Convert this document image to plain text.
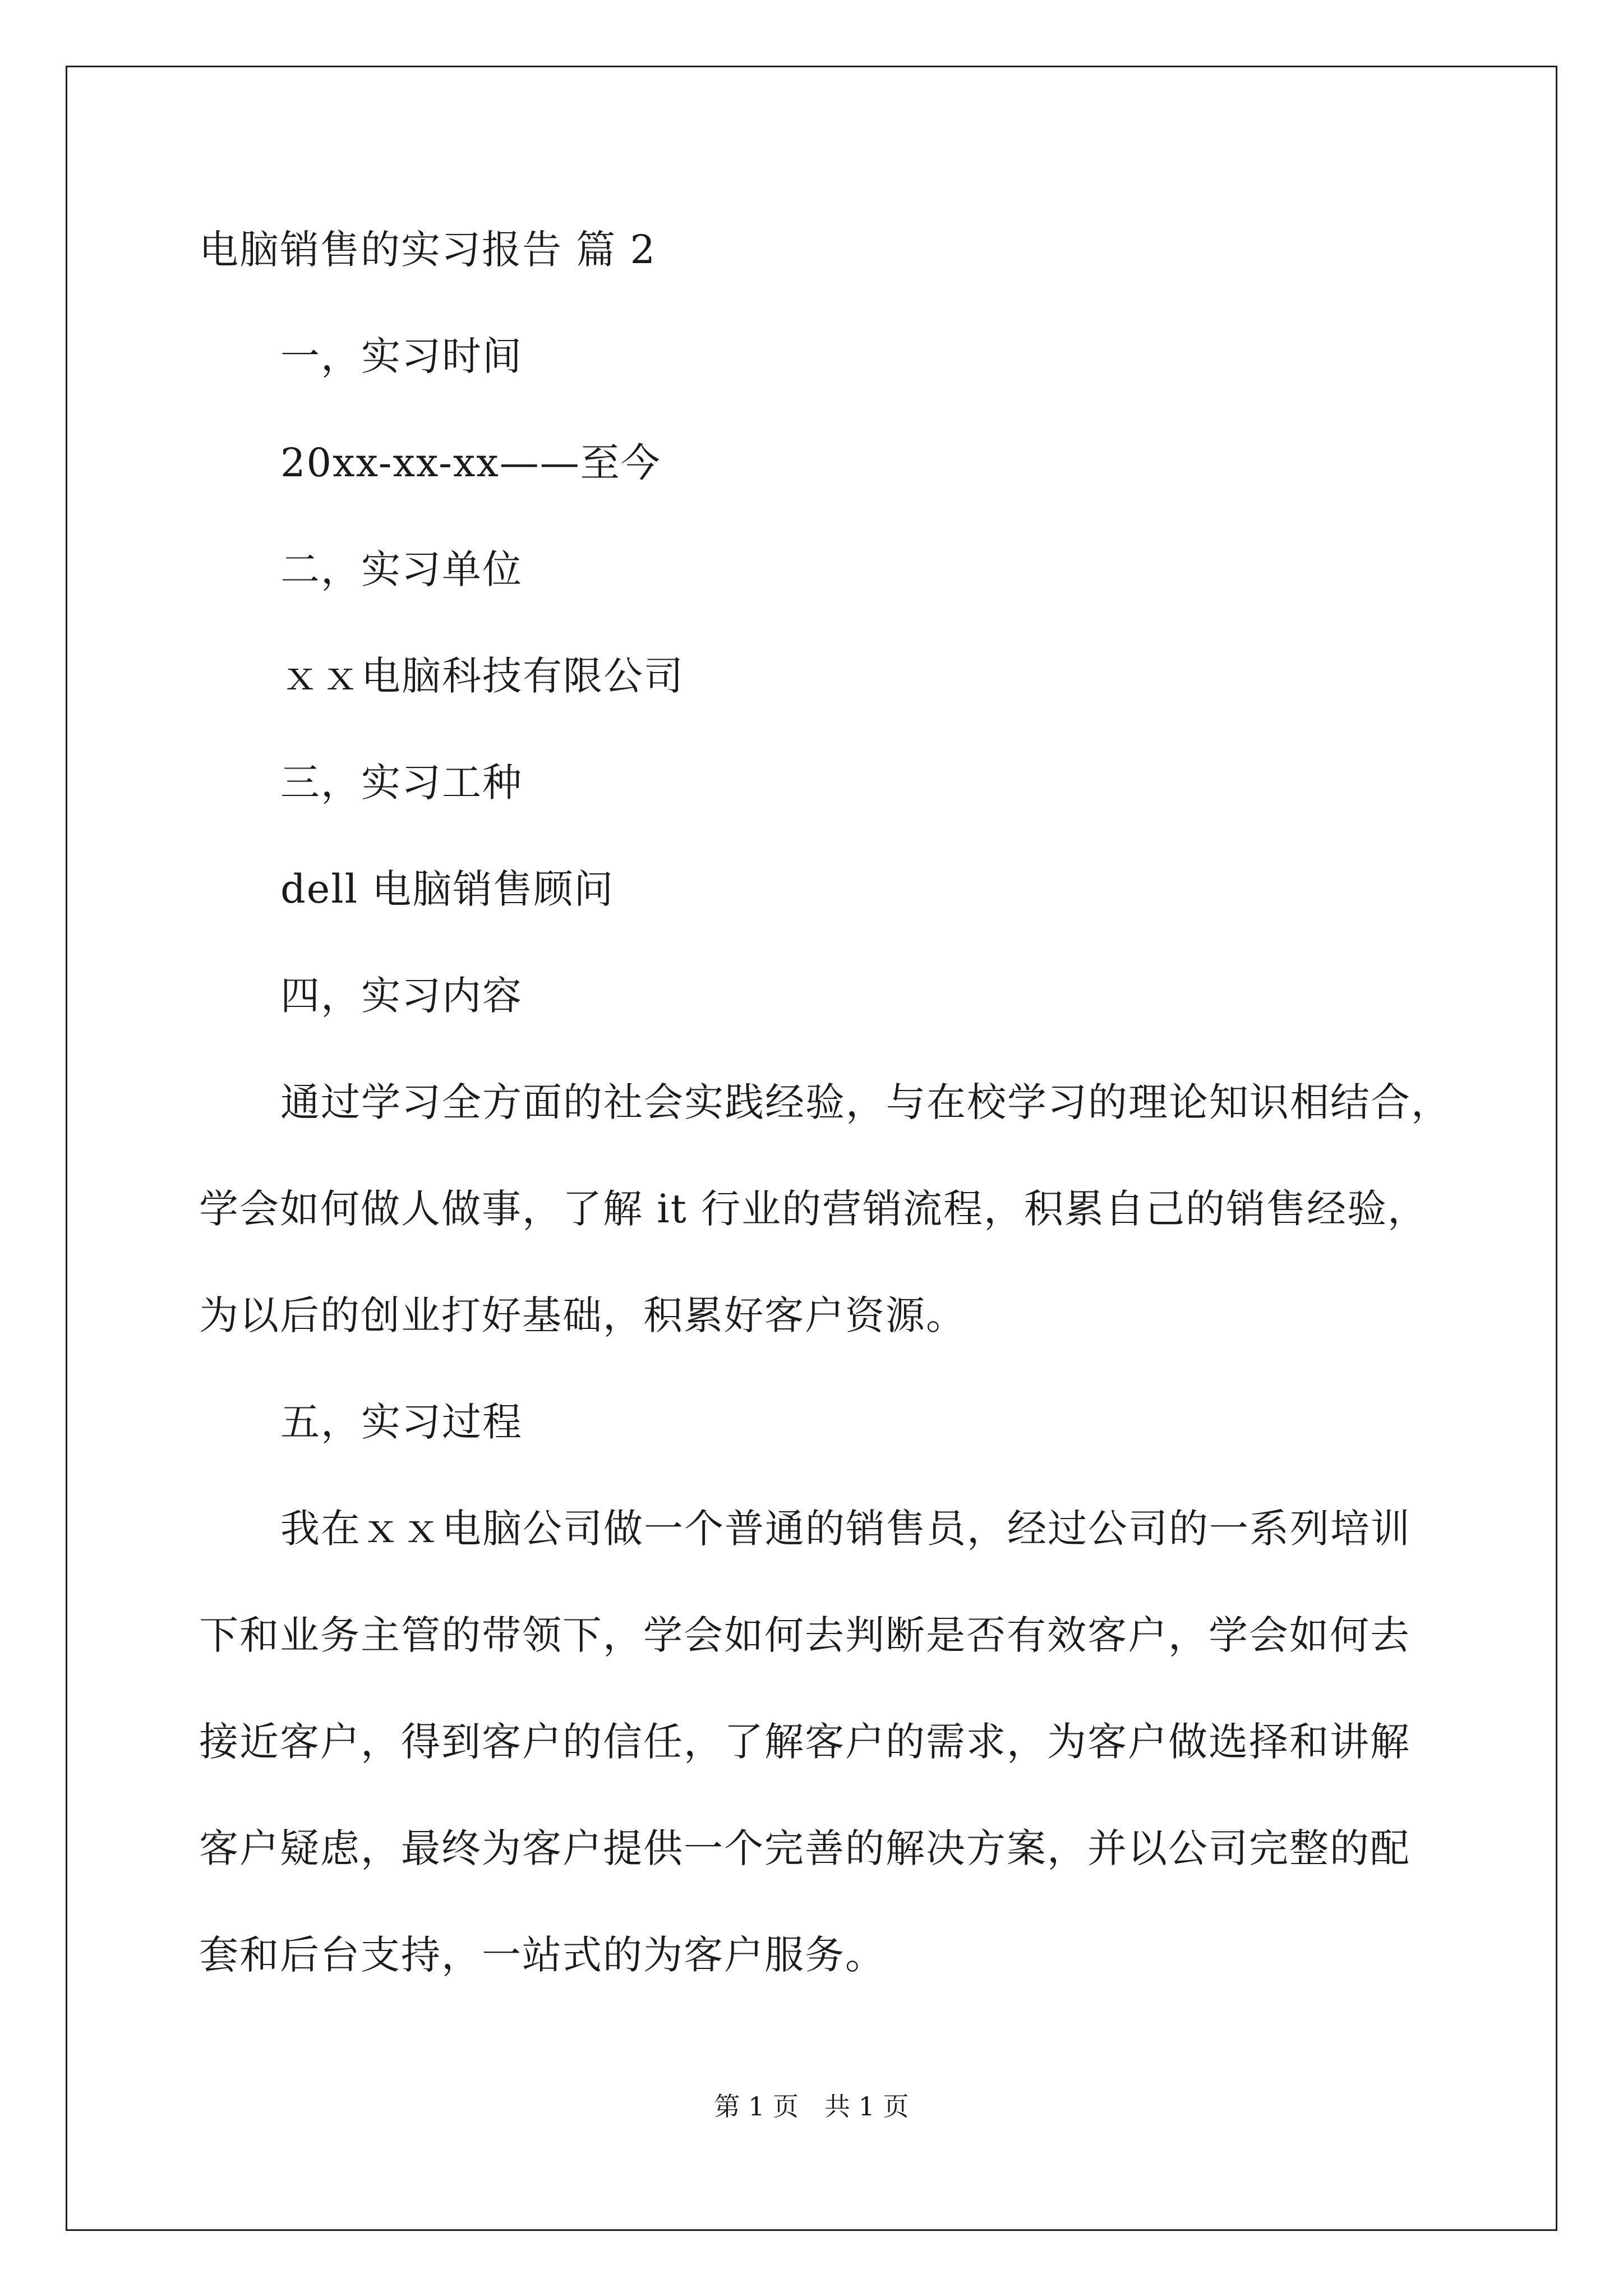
电脑销售的实习报告 篇 2
一，实习时间
20xx-xx-xx——至今
二，实习单位
ｘｘ电脑科技有限公司
三，实习工种
dell 电脑销售顾问
四，实习内容
通过学习全方面的社会实践经验，与在校学习的理论知识相结合，
学会如何做人做事，了解 it 行业的营销流程，积累自己的销售经验，
为以后的创业打好基础，积累好客户资源。
五，实习过程
我在ｘｘ电脑公司做一个普通的销售员，经过公司的一系列培训
下和业务主管的带领下，学会如何去判断是否有效客户，学会如何去
接近客户，得到客户的信任，了解客户的需求，为客户做选择和讲解
客户疑虑，最终为客户提供一个完善的解决方案，并以公司完整的配
套和后台支持，一站式的为客户服务。
第 1 页　共 1 页
